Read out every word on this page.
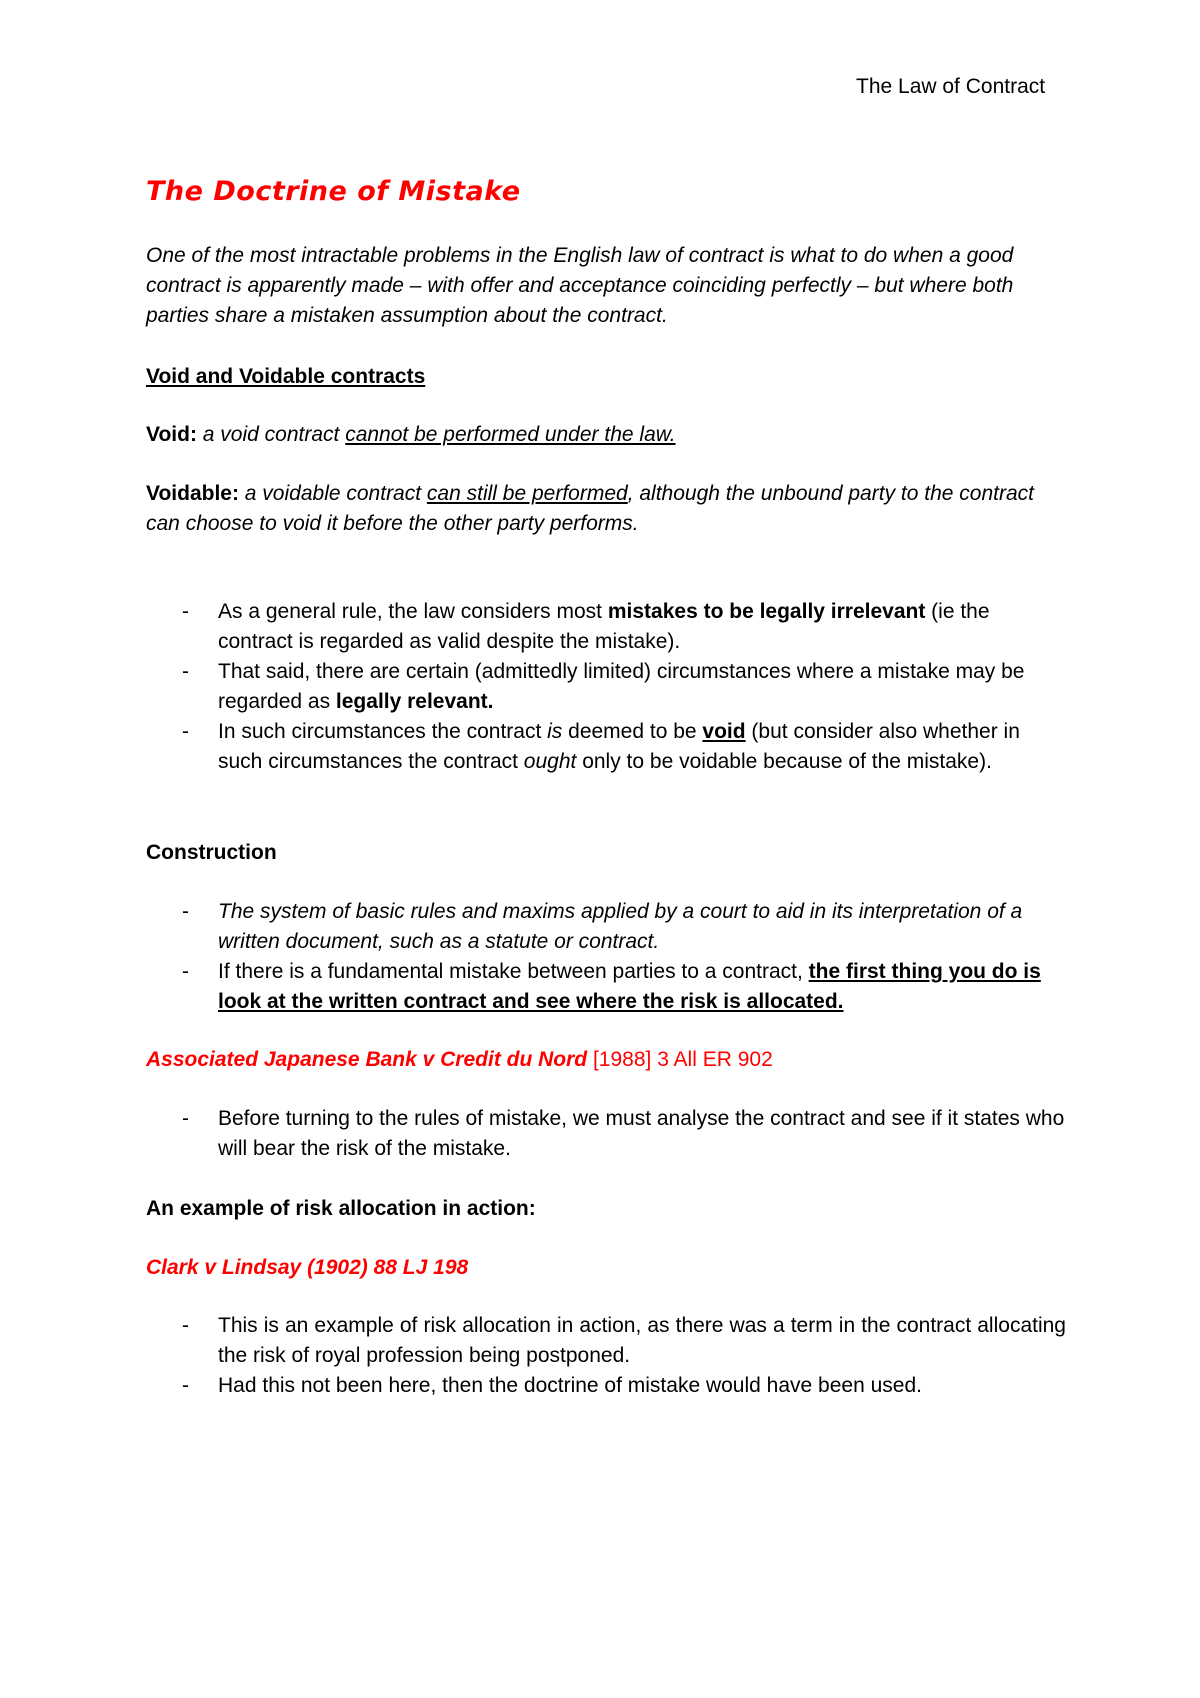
The Law of Contract
The Doctrine of Mistake
One of the most intractable problems in the English law of contract is what to do when a good contract is apparently made – with offer and acceptance coinciding perfectly – but where both parties share a mistaken assumption about the contract.
Void and Voidable contracts
Void: a void contract cannot be performed under the law.
Voidable: a voidable contract can still be performed, although the unbound party to the contract can choose to void it before the other party performs.
- As a general rule, the law considers most mistakes to be legally irrelevant (ie the contract is regarded as valid despite the mistake).
- That said, there are certain (admittedly limited) circumstances where a mistake may be regarded as legally relevant.
- In such circumstances the contract is deemed to be void (but consider also whether in such circumstances the contract ought only to be voidable because of the mistake).
Construction
- The system of basic rules and maxims applied by a court to aid in its interpretation of a written document, such as a statute or contract.
- If there is a fundamental mistake between parties to a contract, the first thing you do is look at the written contract and see where the risk is allocated.
Associated Japanese Bank v Credit du Nord [1988] 3 All ER 902
- Before turning to the rules of mistake, we must analyse the contract and see if it states who will bear the risk of the mistake.
An example of risk allocation in action:
Clark v Lindsay (1902) 88 LJ 198
- This is an example of risk allocation in action, as there was a term in the contract allocating the risk of royal profession being postponed.
- Had this not been here, then the doctrine of mistake would have been used.
